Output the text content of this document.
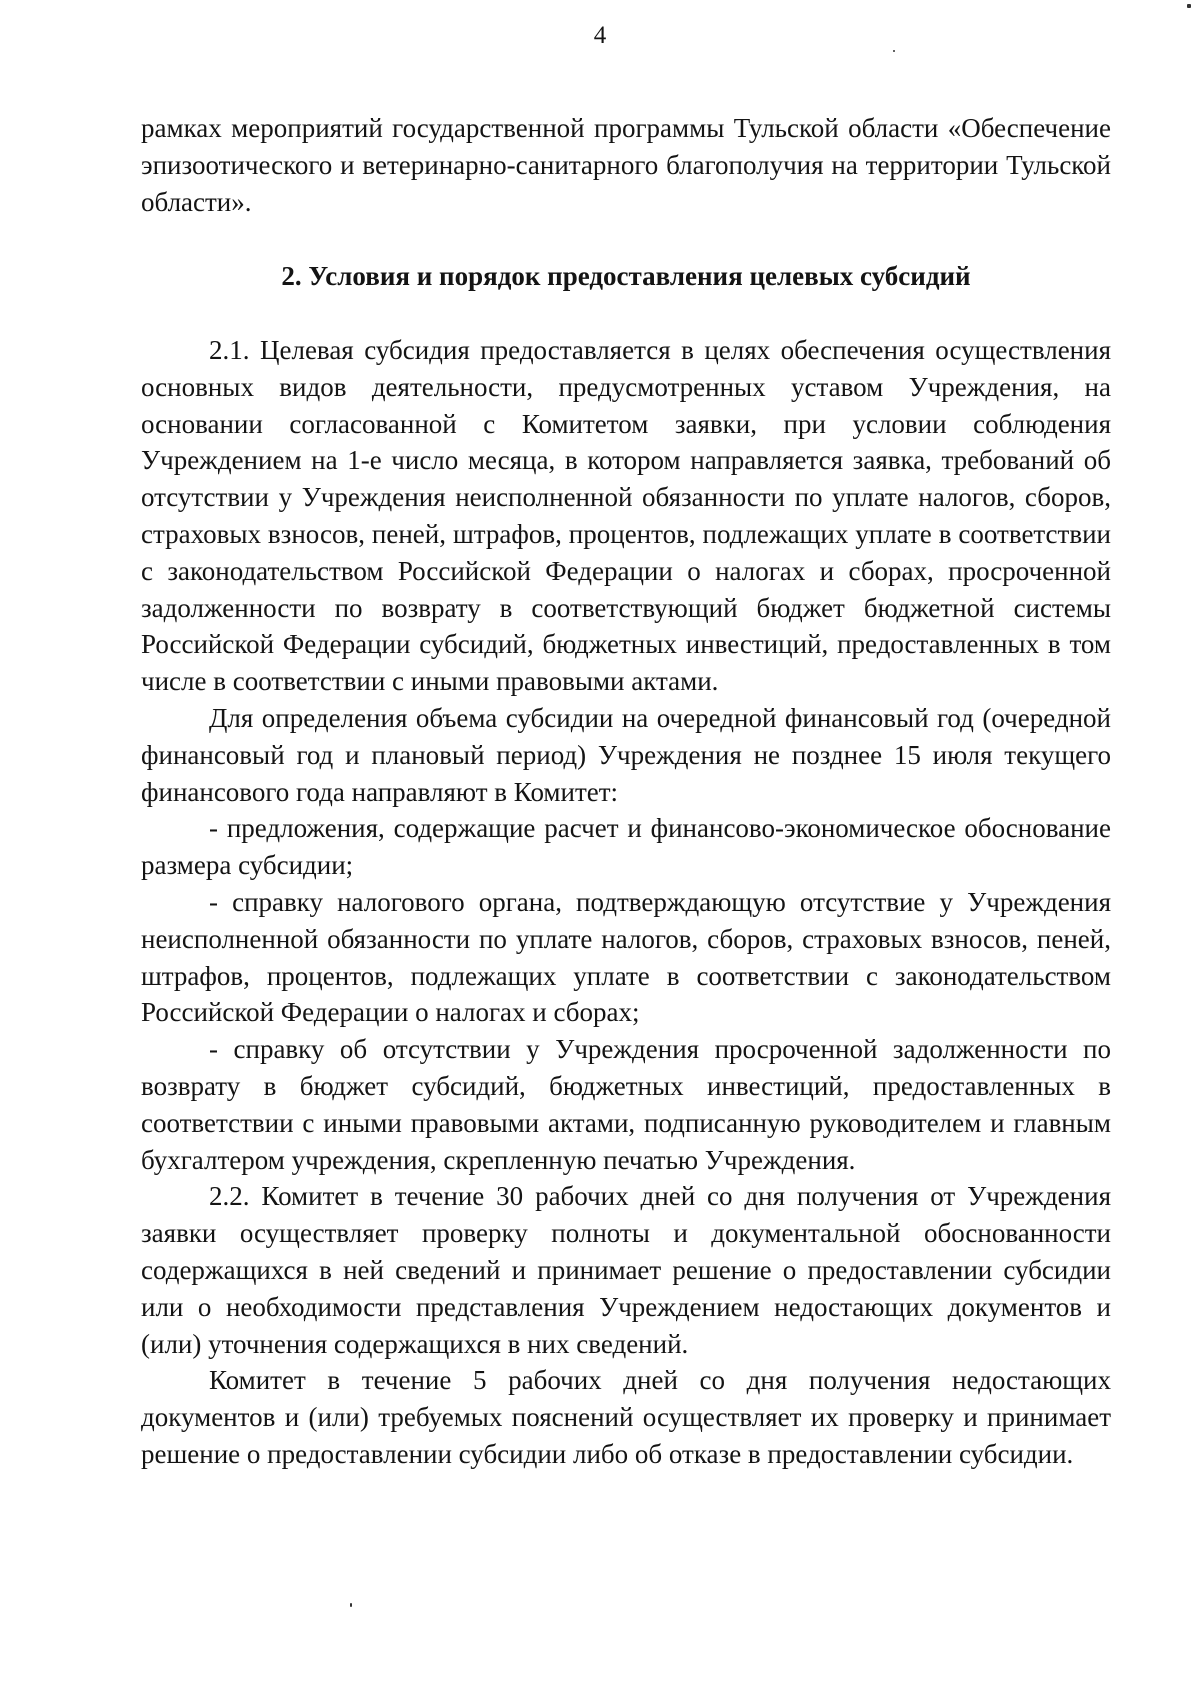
4

рамках мероприятий государственной программы Тульской области «Обеспечение эпизоотического и ветеринарно-санитарного благополучия на территории Тульской области».

2. Условия и порядок предоставления целевых субсидий

2.1. Целевая субсидия предоставляется в целях обеспечения осуществления основных видов деятельности, предусмотренных уставом Учреждения, на основании согласованной с Комитетом заявки, при условии соблюдения Учреждением на 1-е число месяца, в котором направляется заявка, требований об отсутствии у Учреждения неисполненной обязанности по уплате налогов, сборов, страховых взносов, пеней, штрафов, процентов, подлежащих уплате в соответствии с законодательством Российской Федерации о налогах и сборах, просроченной задолженности по возврату в соответствующий бюджет бюджетной системы Российской Федерации субсидий, бюджетных инвестиций, предоставленных в том числе в соответствии с иными правовыми актами.

Для определения объема субсидии на очередной финансовый год (очередной финансовый год и плановый период) Учреждения не позднее 15 июля текущего финансового года направляют в Комитет:

- предложения, содержащие расчет и финансово-экономическое обоснование размера субсидии;

- справку налогового органа, подтверждающую отсутствие у Учреждения неисполненной обязанности по уплате налогов, сборов, страховых взносов, пеней, штрафов, процентов, подлежащих уплате в соответствии с законодательством Российской Федерации о налогах и сборах;

- справку об отсутствии у Учреждения просроченной задолженности по возврату в бюджет субсидий, бюджетных инвестиций, предоставленных в соответствии с иными правовыми актами, подписанную руководителем и главным бухгалтером учреждения, скрепленную печатью Учреждения.

2.2. Комитет в течение 30 рабочих дней со дня получения от Учреждения заявки осуществляет проверку полноты и документальной обоснованности содержащихся в ней сведений и принимает решение о предоставлении субсидии или о необходимости представления Учреждением недостающих документов и (или) уточнения содержащихся в них сведений.

Комитет в течение 5 рабочих дней со дня получения недостающих документов и (или) требуемых пояснений осуществляет их проверку и принимает решение о предоставлении субсидии либо об отказе в предоставлении субсидии.
